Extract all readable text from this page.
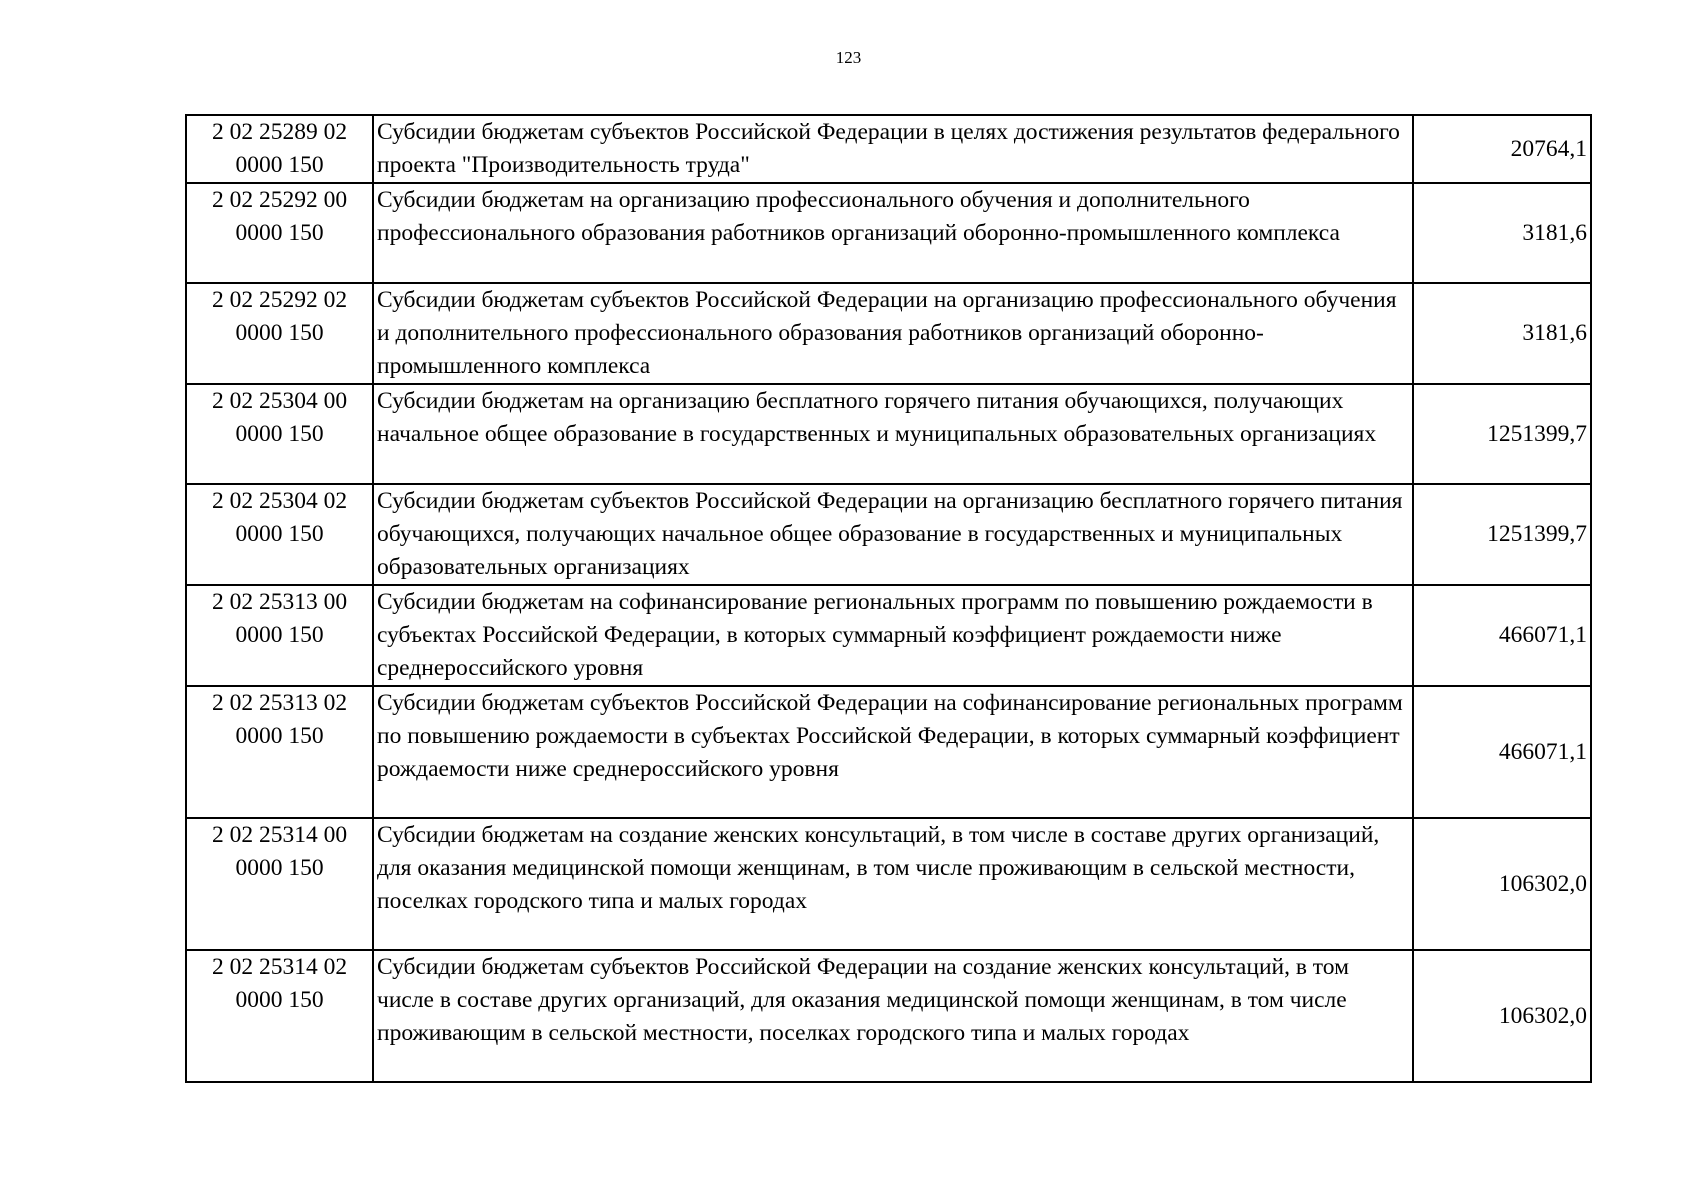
123
2 02 25289 02 0000 150	Субсидии бюджетам субъектов Российской Федерации в целях достижения результатов федерального проекта "Производительность труда"	20764,1
2 02 25292 00 0000 150	Субсидии бюджетам на организацию профессионального обучения и дополнительного профессионального образования работников организаций оборонно-промышленного комплекса	3181,6
2 02 25292 02 0000 150	Субсидии бюджетам субъектов Российской Федерации на организацию профессионального обучения и дополнительного профессионального образования работников организаций оборонно-промышленного комплекса	3181,6
2 02 25304 00 0000 150	Субсидии бюджетам на организацию бесплатного горячего питания обучающихся, получающих начальное общее образование в государственных и муниципальных образовательных организациях	1251399,7
2 02 25304 02 0000 150	Субсидии бюджетам субъектов Российской Федерации на организацию бесплатного горячего питания обучающихся, получающих начальное общее образование в государственных и муниципальных образовательных организациях	1251399,7
2 02 25313 00 0000 150	Субсидии бюджетам на софинансирование региональных программ по повышению рождаемости в субъектах Российской Федерации, в которых суммарный коэффициент рождаемости ниже среднероссийского уровня	466071,1
2 02 25313 02 0000 150	Субсидии бюджетам субъектов Российской Федерации на софинансирование региональных программ по повышению рождаемости в субъектах Российской Федерации, в которых суммарный коэффициент рождаемости ниже среднероссийского уровня	466071,1
2 02 25314 00 0000 150	Субсидии бюджетам на создание женских консультаций, в том числе в составе других организаций, для оказания медицинской помощи женщинам, в том числе проживающим в сельской местности, поселках городского типа и малых городах	106302,0
2 02 25314 02 0000 150	Субсидии бюджетам субъектов Российской Федерации на создание женских консультаций, в том числе в составе других организаций, для оказания медицинской помощи женщинам, в том числе проживающим в сельской местности, поселках городского типа и малых городах	106302,0
